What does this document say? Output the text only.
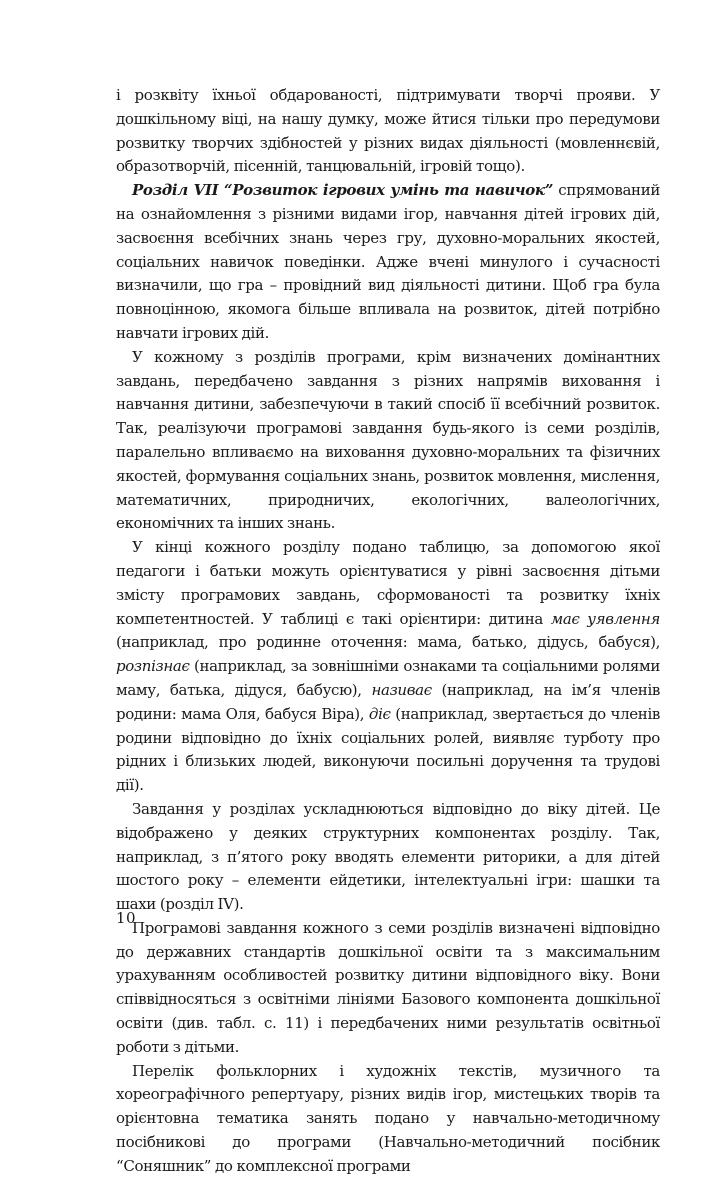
і розквіту їхньої обдарованості, підтримувати творчі прояви. У дошкільному віці, на нашу думку, може йтися тільки про передумови розвитку творчих здібностей у різних видах діяльності (мовленнєвій, образотворчій, пісенній, танцювальній, ігровій тощо).

Розділ VІІ “Розвиток ігрових умінь та навичок” спрямований на ознайомлення з різними видами ігор, навчання дітей ігрових дій, засвоєння всебічних знань через гру, духовно-моральних якостей, соціальних навичок поведінки. Адже вчені минулого і сучасності визначили, що гра – провідний вид діяльності дитини. Щоб гра була повноцінною, якомога більше впливала на розвиток, дітей потрібно навчати ігрових дій.

У кожному з розділів програми, крім визначених домінантних завдань, передбачено завдання з різних напрямів виховання і навчання дитини, забезпечуючи в такий спосіб її всебічний розвиток. Так, реалізуючи програмові завдання будь-якого із семи розділів, паралельно впливаємо на виховання духовно-моральних та фізичних якостей, формування соціальних знань, розвиток мовлення, мислення, математичних, природничих, екологічних, валеологічних, економічних та інших знань.

У кінці кожного розділу подано таблицю, за допомогою якої педагоги і батьки можуть орієнтуватися у рівні засвоєння дітьми змісту програмових завдань, сформованості та розвитку їхніх компетентностей. У таблиці є такі орієнтири: дитина має уявлення (наприклад, про родинне оточення: мама, батько, дідусь, бабуся), розпізнає (наприклад, за зовнішніми ознаками та соціальними ролями маму, батька, дідуся, бабусю), називає (наприклад, на ім’я членів родини: мама Оля, бабуся Віра), діє (наприклад, звертається до членів родини відповідно до їхніх соціальних ролей, виявляє турботу про рідних і близьких людей, виконуючи посильні доручення та трудові дії).

Завдання у розділах ускладнюються відповідно до віку дітей. Це відображено у деяких структурних компонентах розділу. Так, наприклад, з п’ятого року вводять елементи риторики, а для дітей шостого року – елементи ейдетики, інтелектуальні ігри: шашки та шахи (розділ IV).

Програмові завдання кожного з семи розділів визначені відповідно до державних стандартів дошкільної освіти та з максимальним урахуванням особливостей розвитку дитини відповідного віку. Вони співвідносяться з освітніми лініями Базового компонента дошкільної освіти (див. табл. с. 11) і передбачених ними результатів освітньої роботи з дітьми.

Перелік фольклорних і художніх текстів, музичного та хореографічного репертуару, різних видів ігор, мистецьких творів та орієнтовна тематика занять подано у навчально-методичному посібникові до програми (Навчально-методичний посібник “Соняшник” до комплексної програми

10
